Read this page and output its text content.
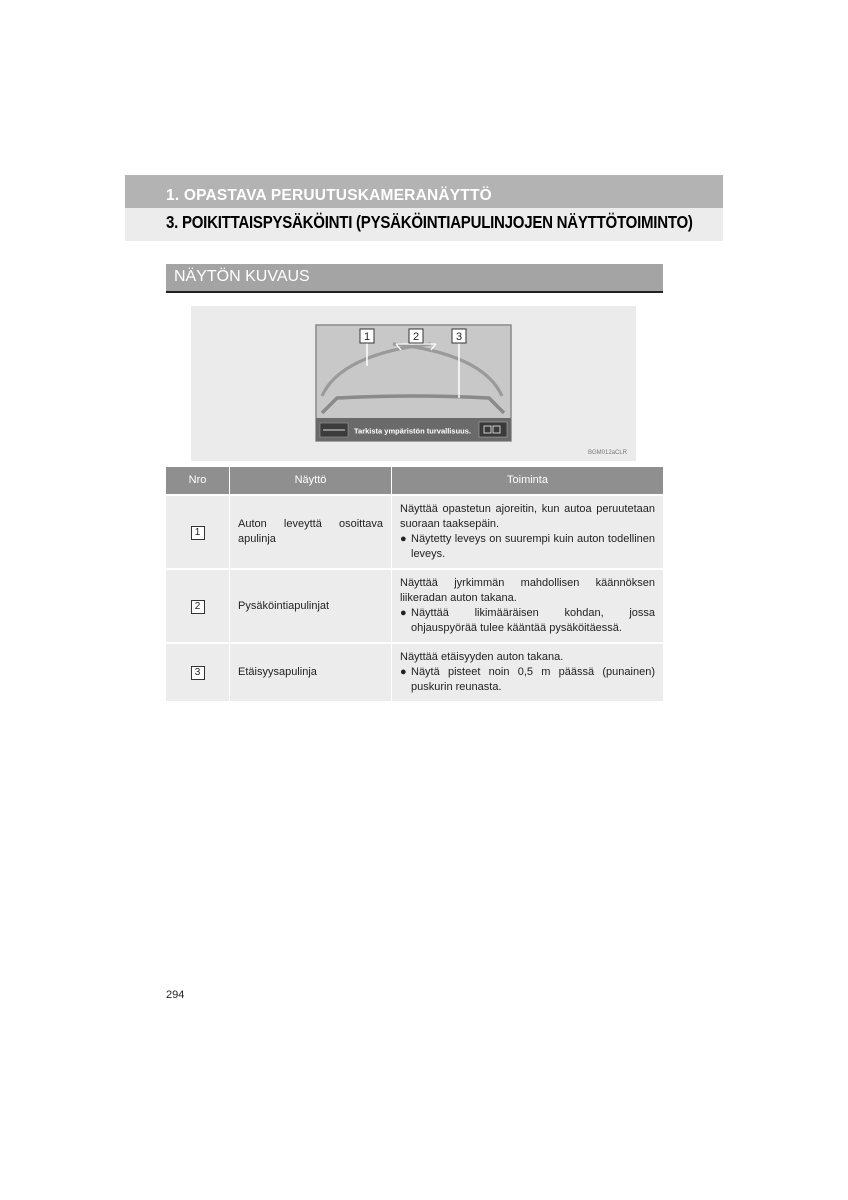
1. OPASTAVA PERUUTUSKAMERANÄYTTÖ
3. POIKITTAISPYSÄKÖINTI (PYSÄKÖINTIAPULINJOJEN NÄYTTÖTOIMINTO)
NÄYTÖN KUVAUS
Tarkista ympäristön turvallisuus.
1	2	3
BGM012aCLR
Nro	Näyttö	Toiminta
1	Auton leveyttä osoittava apulinja	Näyttää opastetun ajoreitin, kun autoa peruutetaan suoraan taaksepäin.
● Näytetty leveys on suurempi kuin auton todellinen leveys.

2	Pysäköintiapulinjat	Näyttää jyrkimmän mahdollisen käännöksen liikeradan auton takana.
● Näyttää likimääräisen kohdan, jossa ohjauspyörää tulee kääntää pysäköitäessä.

3	Etäisyysapulinja	Näyttää etäisyyden auton takana.
● Näytä pisteet noin 0,5 m päässä (punainen) puskurin reunasta.
294
